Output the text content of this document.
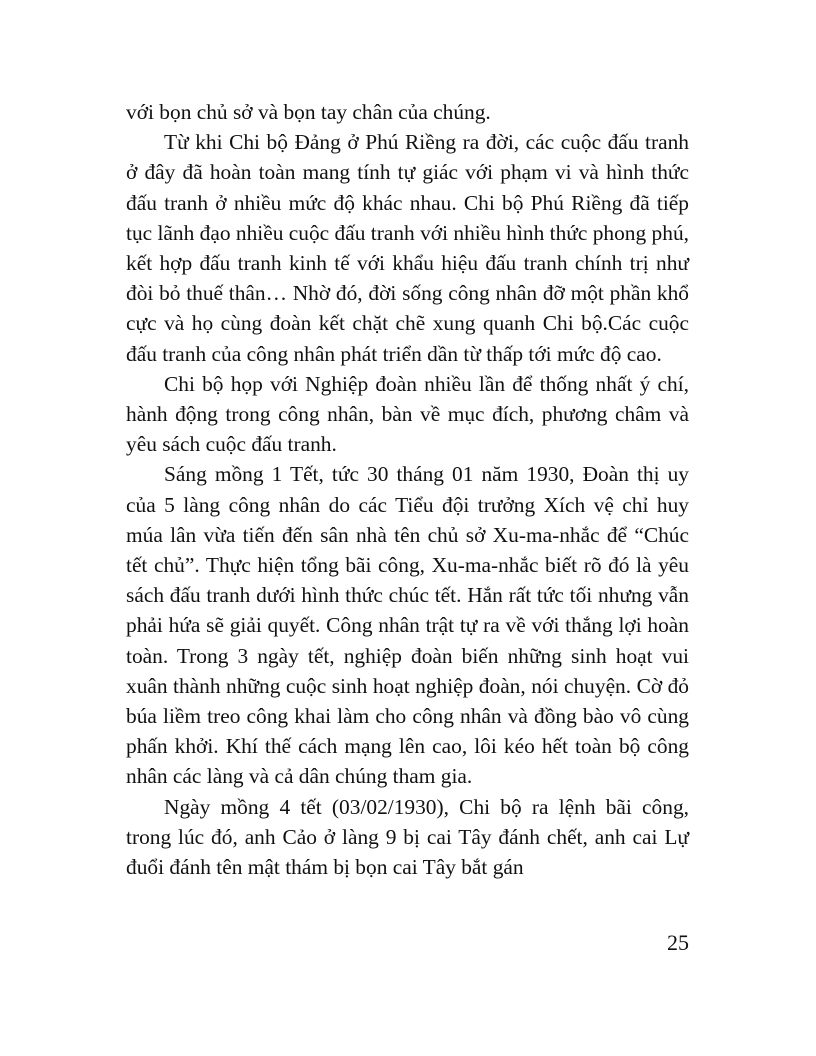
với bọn chủ sở và bọn tay chân của chúng.

Từ khi Chi bộ Đảng ở Phú Riềng ra đời, các cuộc đấu tranh ở đây đã hoàn toàn mang tính tự giác với phạm vi và hình thức đấu tranh ở nhiều mức độ khác nhau. Chi bộ Phú Riềng đã tiếp tục lãnh đạo nhiều cuộc đấu tranh với nhiều hình thức phong phú, kết hợp đấu tranh kinh tế với khẩu hiệu đấu tranh chính trị như đòi bỏ thuế thân… Nhờ đó, đời sống công nhân đỡ một phần khổ cực và họ cùng đoàn kết chặt chẽ xung quanh Chi bộ.Các cuộc đấu tranh của công nhân phát triển dần từ thấp tới mức độ cao.

Chi bộ họp với Nghiệp đoàn nhiều lần để thống nhất ý chí, hành động trong công nhân, bàn về mục đích, phương châm và yêu sách cuộc đấu tranh.

Sáng mồng 1 Tết, tức 30 tháng 01 năm 1930, Đoàn thị uy của 5 làng công nhân do các Tiểu đội trưởng Xích vệ chỉ huy múa lân vừa tiến đến sân nhà tên chủ sở Xu-ma-nhắc để “Chúc tết chủ”. Thực hiện tổng bãi công, Xu-ma-nhắc biết rõ đó là yêu sách đấu tranh dưới hình thức chúc tết. Hắn rất tức tối nhưng vẫn phải hứa sẽ giải quyết. Công nhân trật tự ra về với thắng lợi hoàn toàn. Trong 3 ngày tết, nghiệp đoàn biến những sinh hoạt vui xuân thành những cuộc sinh hoạt nghiệp đoàn, nói chuyện. Cờ đỏ búa liềm treo công khai làm cho công nhân và đồng bào vô cùng phấn khởi. Khí thế cách mạng lên cao, lôi kéo hết toàn bộ công nhân các làng và cả dân chúng tham gia.

Ngày mồng 4 tết (03/02/1930), Chi bộ ra lệnh bãi công, trong lúc đó, anh Cảo ở làng 9 bị cai Tây đánh chết, anh cai Lự đuổi đánh tên mật thám bị bọn cai Tây bắt gán

25
